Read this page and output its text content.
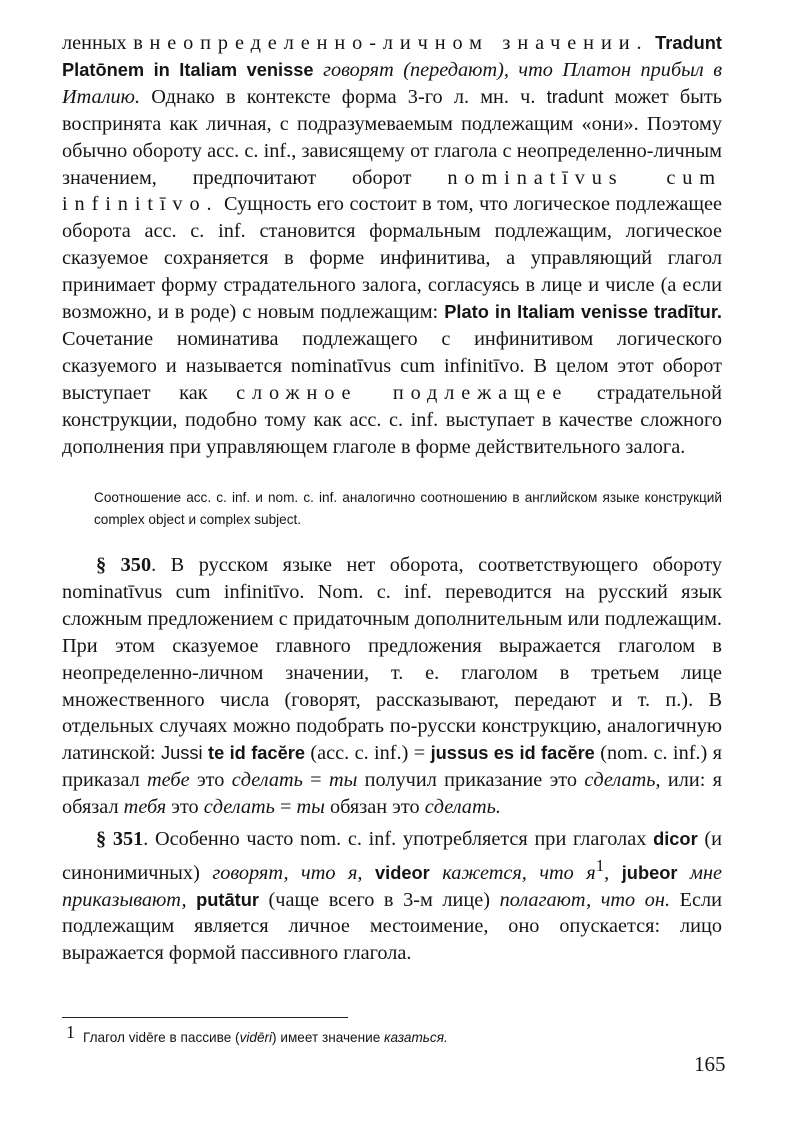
ленных в неопределенно-личном значении. Tradunt Platōnem in Italiam venisse говорят (передают), что Платон прибыл в Италию. Однако в контексте форма 3-го л. мн. ч. tradunt может быть воспринята как личная, с подразумеваемым подлежащим «они». Поэтому обычно обороту acc. c. inf., зависящему от глагола с неопределенно-личным значением, предпочитают оборот nominatīvus cum infinitīvo. Сущность его состоит в том, что логическое подлежащее оборота acc. c. inf. становится формальным подлежащим, логическое сказуемое сохраняется в форме инфинитива, а управляющий глагол принимает форму страдательного залога, согласуясь в лице и числе (а если возможно, и в роде) с новым подлежащим: Plato in Italiam venisse tradītur. Сочетание номинатива подлежащего с инфинитивом логического сказуемого и называется nominatīvus cum infinitīvo. В целом этот оборот выступает как сложное подлежащее страдательной конструкции, подобно тому как acc. c. inf. выступает в качестве сложного дополнения при управляющем глаголе в форме действительного залога.

Соотношение acc. c. inf. и nom. c. inf. аналогично соотношению в английском языке конструкций complex object и complex subject.

§ 350. В русском языке нет оборота, соответствующего обороту nominatīvus cum infinitīvo. Nom. c. inf. переводится на русский язык сложным предложением с придаточным дополнительным или подлежащим. При этом сказуемое главного предложения выражается глаголом в неопределенно-личном значении, т. е. глаголом в третьем лице множественного числа (говорят, рассказывают, передают и т. п.). В отдельных случаях можно подобрать по-русски конструкцию, аналогичную латинской: Jussi te id facĕre (acc. c. inf.) = jussus es id facĕre (nom. c. inf.) я приказал тебе это сделать = ты получил приказание это сделать, или: я обязал тебя это сделать = ты обязан это сделать.

§ 351. Особенно часто nom. c. inf. употребляется при глаголах dicor (и синонимичных) говорят, что я, videor кажется, что $я^1$, jubeor мне приказывают, putātur (чаще всего в 3-м лице) полагают, что он. Если подлежащим является личное местоимение, оно опускается: лицо выражается формой пассивного глагола.

$^1$ Глагол vidēre в пассиве (vidēri) имеет значение казаться.
165
